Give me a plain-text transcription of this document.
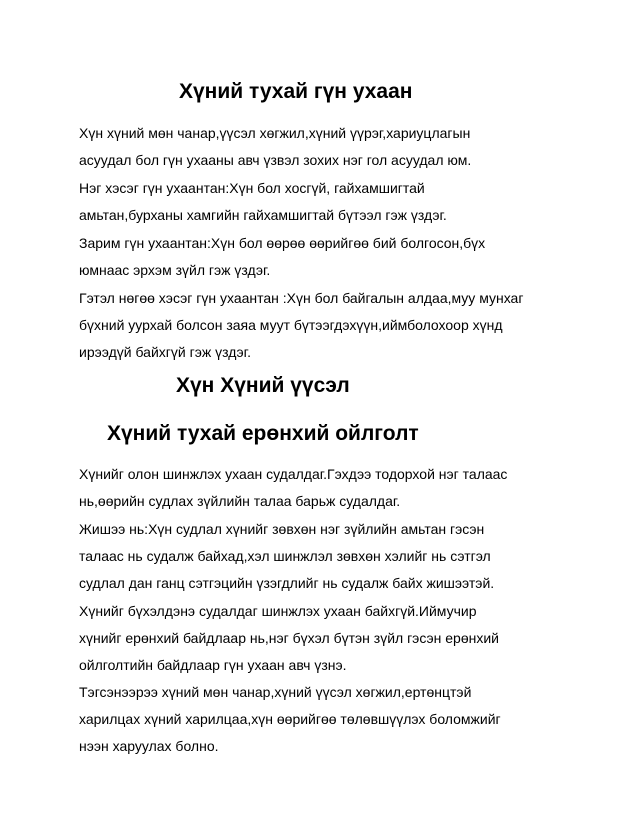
Хүний тухай гүн ухаан
Хүн хүний мөн чанар,үүсэл хөгжил,хүний үүрэг,хариуцлагын
асуудал бол гүн ухааны авч үзвэл зохих нэг гол асуудал юм.
Нэг хэсэг гүн ухаантан:Хүн бол хосгүй, гайхамшигтай
амьтан,бурханы хамгийн гайхамшигтай бүтээл гэж үздэг.
Зарим гүн ухаантан:Хүн бол өөрөө өөрийгөө бий болгосон,бүх
юмнаас эрхэм зүйл гэж үздэг.
Гэтэл нөгөө хэсэг гүн ухаантан :Хүн бол байгалын алдаа,муу мунхаг
бүхний уурхай болсон заяа муут бүтээгдэхүүн,иймболохоор хүнд
ирээдүй байхгүй гэж үздэг.
Хүн Хүний үүсэл
Хүний тухай ерөнхий ойлголт
Хүнийг олон шинжлэх ухаан судалдаг.Гэхдээ тодорхой нэг талаас
нь,өөрийн судлах зүйлийн талаа барьж судалдаг.
Жишээ нь:Хүн судлал хүнийг зөвхөн нэг зүйлийн амьтан гэсэн
талаас нь судалж байхад,хэл шинжлэл зөвхөн хэлийг нь сэтгэл
судлал дан ганц сэтгэцийн үзэгдлийг нь судалж байх жишээтэй.
Хүнийг бүхэлдэнэ судалдаг шинжлэх ухаан байхгүй.Иймучир
хүнийг ерөнхий байдлаар нь,нэг бүхэл бүтэн зүйл гэсэн ерөнхий
ойлголтийн байдлаар гүн ухаан авч үзнэ.
Тэгсэнээрээ хүний мөн чанар,хүний үүсэл хөгжил,ертөнцтэй
харилцах хүний харилцаа,хүн өөрийгөө төлөвшүүлэх боломжийг
нээн харуулах болно.
